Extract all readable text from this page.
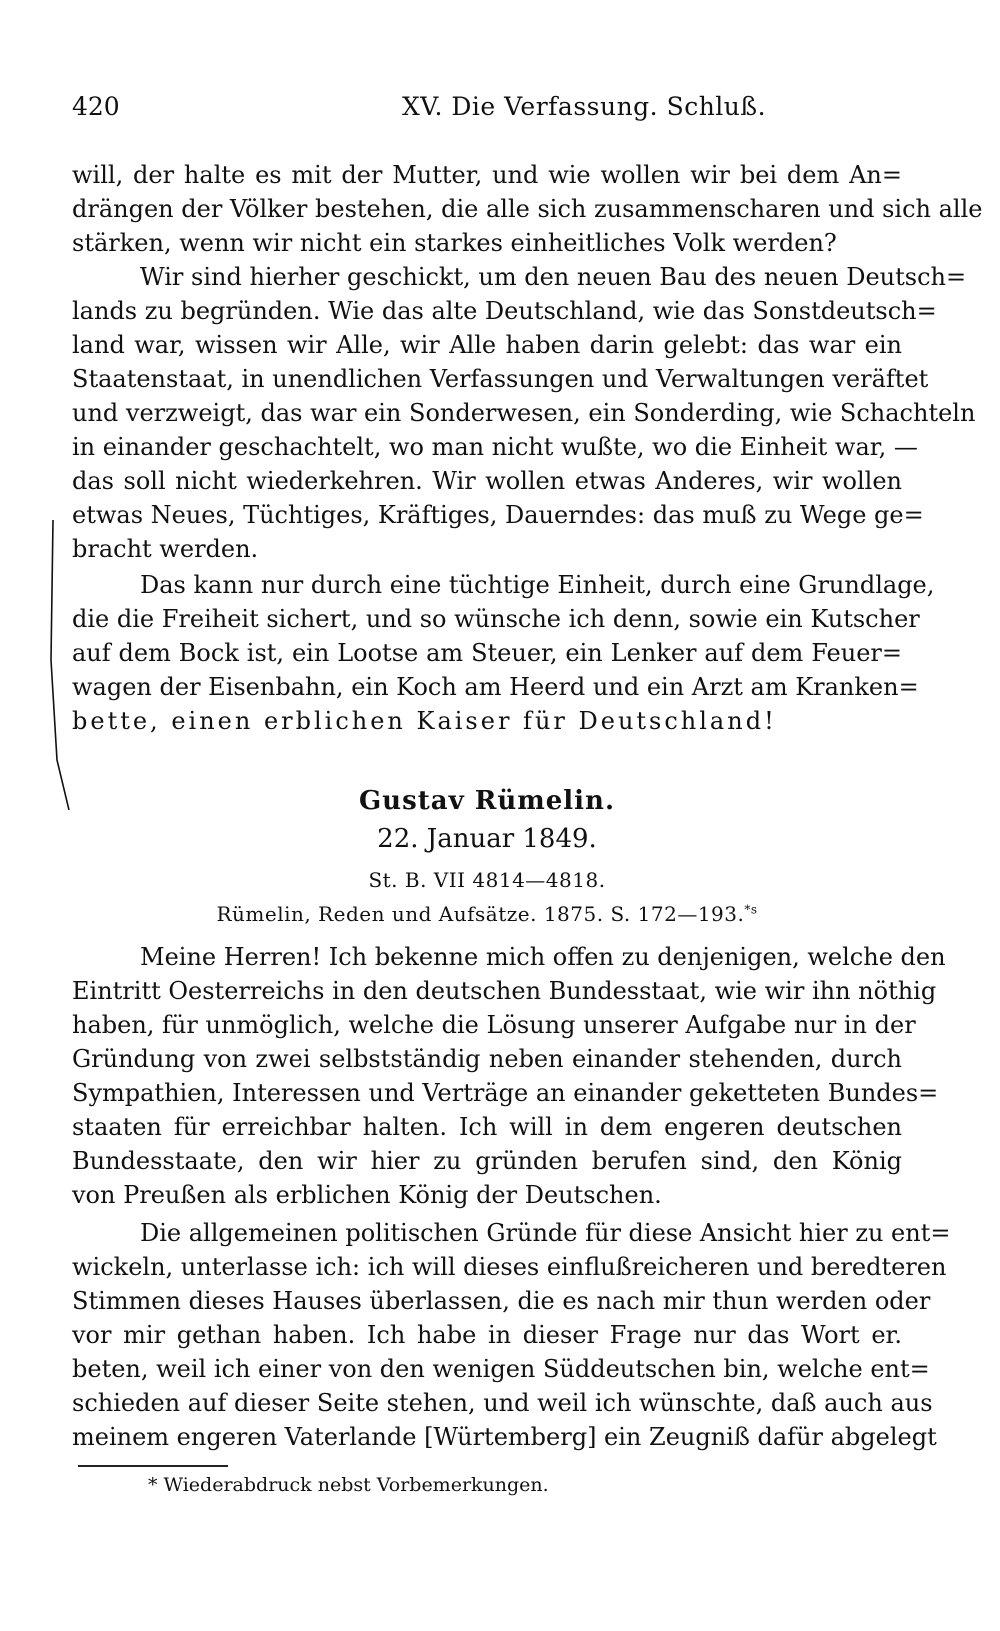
420	XV. Die Verfassung. Schluß.
will, der halte es mit der Mutter, und wie wollen wir bei dem An=
drängen der Völker bestehen, die alle sich zusammenscharen und sich alle
stärken, wenn wir nicht ein starkes einheitliches Volk werden?
Wir sind hierher geschickt, um den neuen Bau des neuen Deutsch=
lands zu begründen. Wie das alte Deutschland, wie das Sonstdeutsch=
land war, wissen wir Alle, wir Alle haben darin gelebt: das war ein
Staatenstaat, in unendlichen Verfassungen und Verwaltungen veräftet
und verzweigt, das war ein Sonderwesen, ein Sonderding, wie Schachteln
in einander geschachtelt, wo man nicht wußte, wo die Einheit war, —
das soll nicht wiederkehren. Wir wollen etwas Anderes, wir wollen
etwas Neues, Tüchtiges, Kräftiges, Dauerndes: das muß zu Wege ge=
bracht werden.
Das kann nur durch eine tüchtige Einheit, durch eine Grundlage,
die die Freiheit sichert, und so wünsche ich denn, sowie ein Kutscher
auf dem Bock ist, ein Lootse am Steuer, ein Lenker auf dem Feuer=
wagen der Eisenbahn, ein Koch am Heerd und ein Arzt am Kranken=
bette, einen erblichen Kaiser für Deutschland!
Gustav Rümelin.
22. Januar 1849.
St. B. VII 4814—4818.
Rümelin, Reden und Aufsätze. 1875. S. 172—193.$^{*s}$
Meine Herren! Ich bekenne mich offen zu denjenigen, welche den
Eintritt Oesterreichs in den deutschen Bundesstaat, wie wir ihn nöthig
haben, für unmöglich, welche die Lösung unserer Aufgabe nur in der
Gründung von zwei selbstständig neben einander stehenden, durch
Sympathien, Interessen und Verträge an einander geketteten Bundes=
staaten für erreichbar halten. Ich will in dem engeren deutschen
Bundesstaate, den wir hier zu gründen berufen sind, den König
von Preußen als erblichen König der Deutschen.
Die allgemeinen politischen Gründe für diese Ansicht hier zu ent=
wickeln, unterlasse ich: ich will dieses einflußreicheren und beredteren
Stimmen dieses Hauses überlassen, die es nach mir thun werden oder
vor mir gethan haben. Ich habe in dieser Frage nur das Wort er.
beten, weil ich einer von den wenigen Süddeutschen bin, welche ent=
schieden auf dieser Seite stehen, und weil ich wünschte, daß auch aus
meinem engeren Vaterlande [Würtemberg] ein Zeugniß dafür abgelegt
* Wiederabdruck nebst Vorbemerkungen.
